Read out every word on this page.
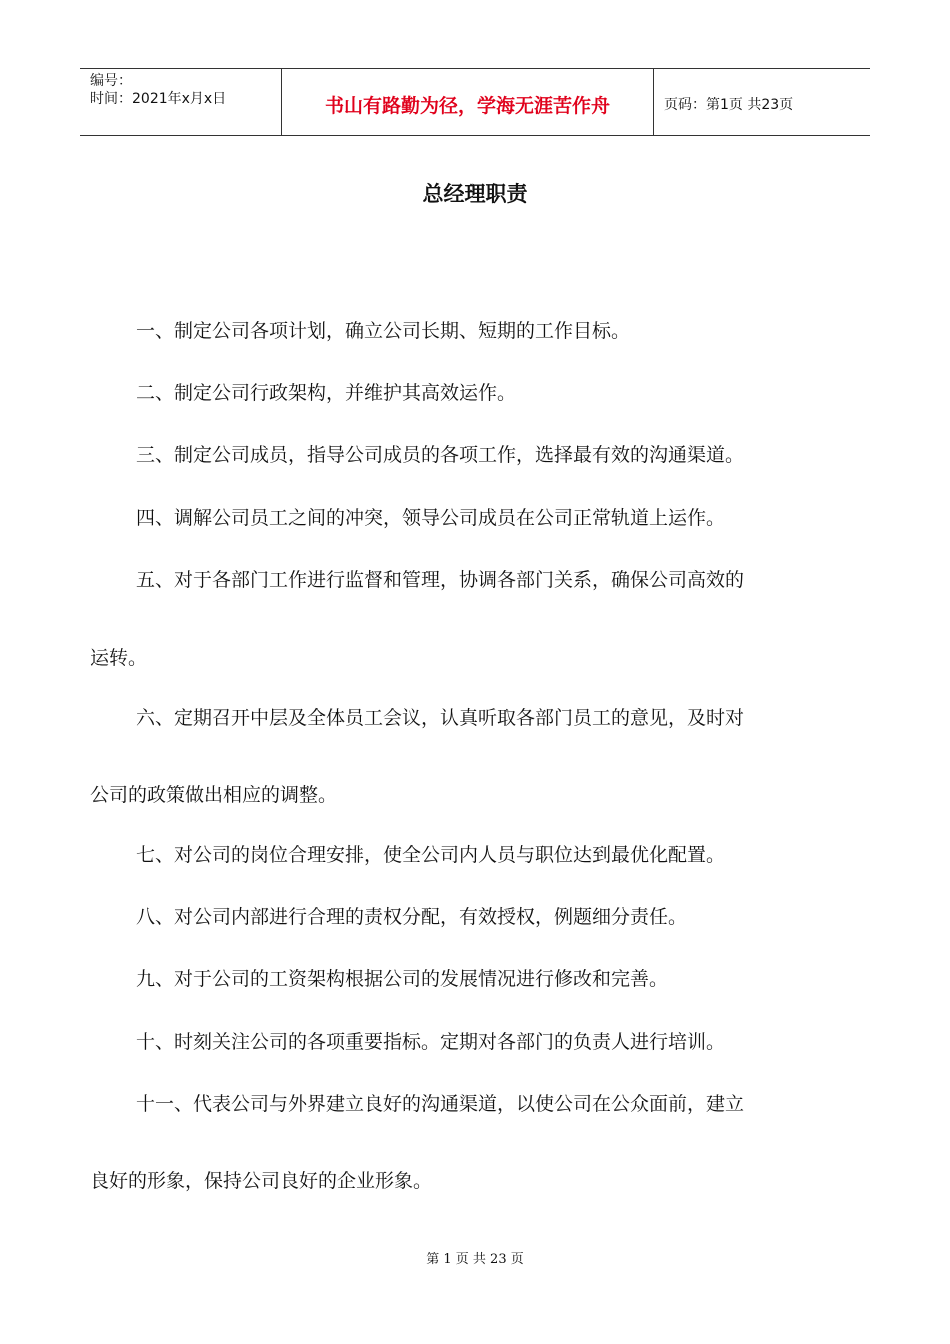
编号：
时间：2021年x月x日	书山有路勤为径，学海无涯苦作舟	页码：第1页 共23页
总经理职责
一、制定公司各项计划，确立公司长期、短期的工作目标。
二、制定公司行政架构，并维护其高效运作。
三、制定公司成员，指导公司成员的各项工作，选择最有效的沟通渠道。
四、调解公司员工之间的冲突，领导公司成员在公司正常轨道上运作。
五、对于各部门工作进行监督和管理，协调各部门关系，确保公司高效的
运转。
六、定期召开中层及全体员工会议，认真听取各部门员工的意见，及时对
公司的政策做出相应的调整。
七、对公司的岗位合理安排，使全公司内人员与职位达到最优化配置。
八、对公司内部进行合理的责权分配，有效授权，例题细分责任。
九、对于公司的工资架构根据公司的发展情况进行修改和完善。
十、时刻关注公司的各项重要指标。定期对各部门的负责人进行培训。
十一、代表公司与外界建立良好的沟通渠道，以使公司在公众面前，建立
良好的形象，保持公司良好的企业形象。
第 1 页 共 23 页
